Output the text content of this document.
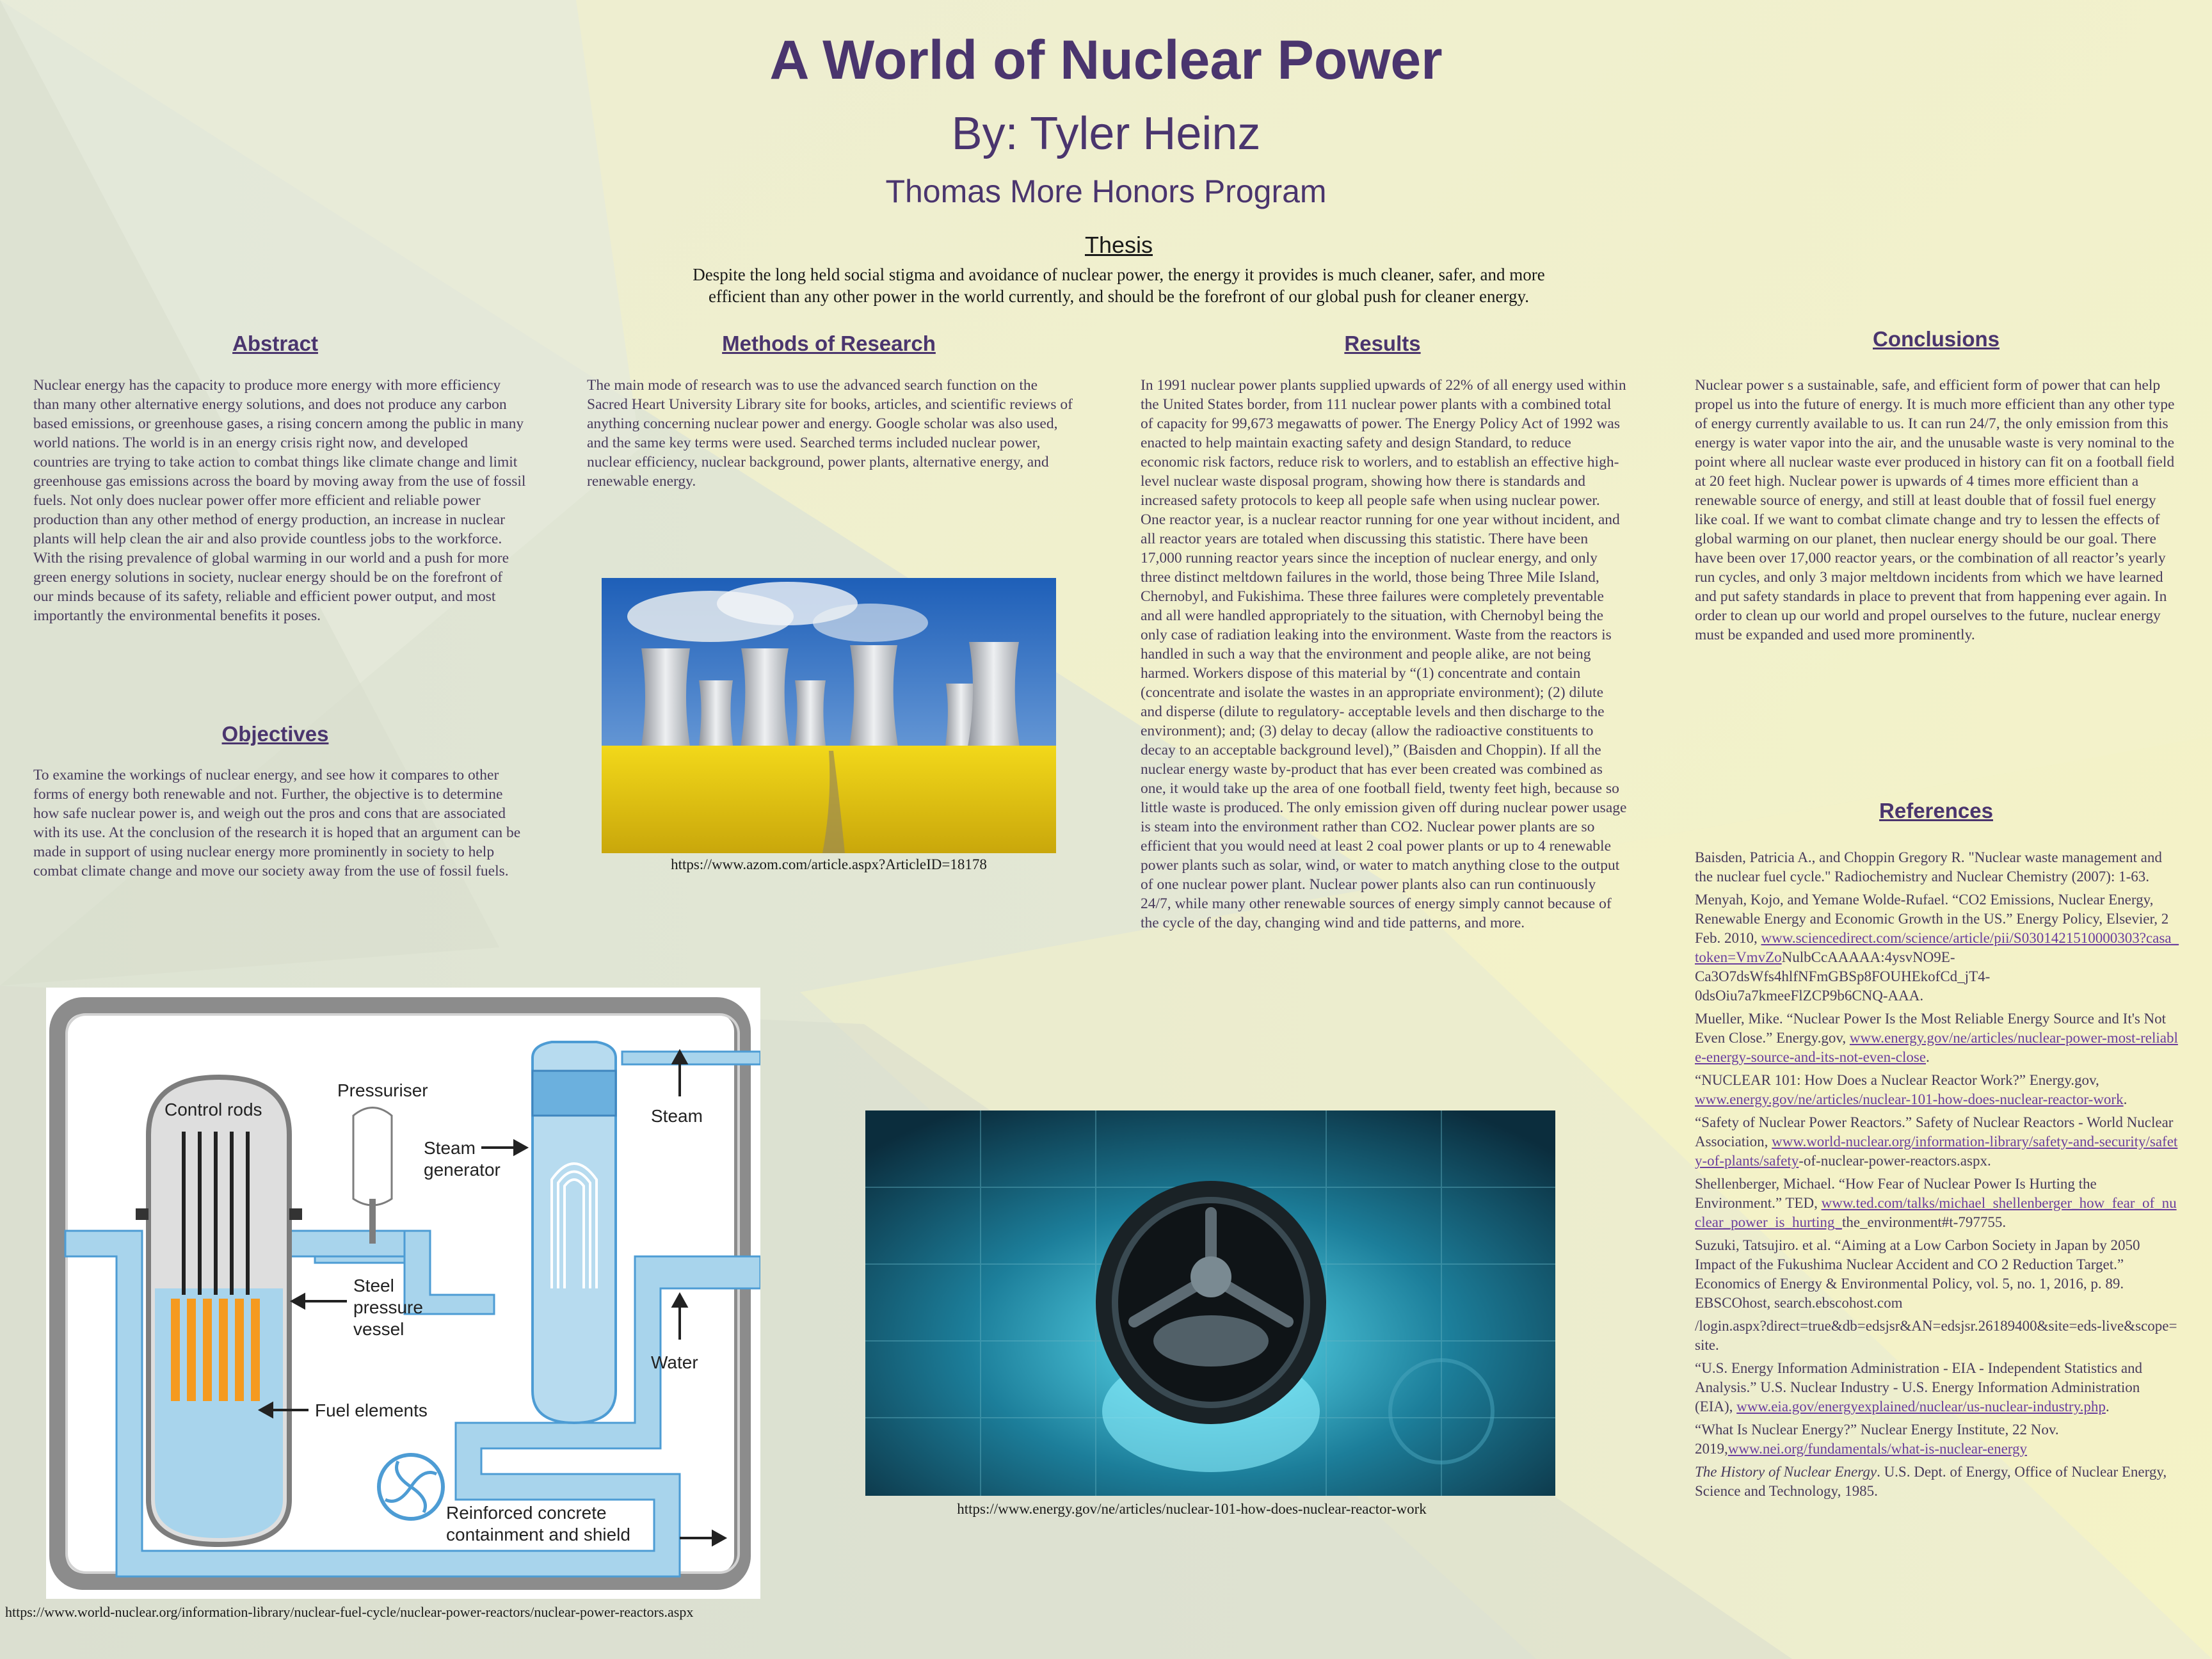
A World of Nuclear Power
By: Tyler Heinz
Thomas More Honors Program
Thesis
Despite the long held social stigma and avoidance of nuclear power, the energy it provides is much cleaner, safer, and more efficient than any other power in the world currently, and should be the forefront of our global push for cleaner energy.
Abstract
Nuclear energy has the capacity to produce more energy with more efficiency than many other alternative energy solutions, and does not produce any carbon based emissions, or greenhouse gases, a rising concern among the public in many world nations. The world is in an energy crisis right now, and developed countries are trying to take action to combat things like climate change and limit greenhouse gas emissions across the board by moving away from the use of fossil fuels. Not only does nuclear power offer more efficient and reliable power production than any other method of energy production, an increase in nuclear plants will help clean the air and also provide countless jobs to the workforce. With the rising prevalence of global warming in our world and a push for more green energy solutions in society, nuclear energy should be on the forefront of our minds because of its safety, reliable and efficient power output, and most importantly the environmental benefits it poses.
Objectives
To examine the workings of nuclear energy, and see how it compares to other forms of energy both renewable and not. Further, the objective is to determine how safe nuclear power is, and weigh out the pros and cons that are associated with its use. At the conclusion of the research it is hoped that an argument can be made in support of using nuclear energy more prominently in society to help combat climate change and move our society away from the use of fossil fuels.
Methods of Research
The main mode of research was to use the advanced search function on the Sacred Heart University Library site for books, articles, and scientific reviews of anything concerning nuclear power and energy. Google scholar was also used, and the same key terms were used. Searched terms included nuclear power, nuclear efficiency, nuclear background, power plants, alternative energy, and renewable energy.
https://www.azom.com/article.aspx?ArticleID=18178
Results
In 1991 nuclear power plants supplied upwards of 22% of all energy used within the United States border, from 111 nuclear power plants with a combined total of capacity for 99,673 megawatts of power. The Energy Policy Act of 1992 was enacted to help maintain exacting safety and design Standard, to reduce economic risk factors, reduce risk to worlers, and to establish an effective high-level nuclear waste disposal program, showing how there is standards and increased safety protocols to keep all people safe when using nuclear power. One reactor year, is a nuclear reactor running for one year without incident, and all reactor years are totaled when discussing this statistic. There have been 17,000 running reactor years since the inception of nuclear energy, and only three distinct meltdown failures in the world, those being Three Mile Island, Chernobyl, and Fukishima. These three failures were completely preventable and all were handled appropriately to the situation, with Chernobyl being the only case of radiation leaking into the environment. Waste from the reactors is handled in such a way that the environment and people alike, are not being harmed. Workers dispose of this material by “(1) concentrate and contain (concentrate and isolate the wastes in an appropriate environment); (2) dilute and disperse (dilute to regulatory- acceptable levels and then discharge to the environment); and; (3) delay to decay (allow the radioactive constituents to decay to an acceptable background level),” (Baisden and Choppin). If all the nuclear energy waste by-product that has ever been created was combined as one, it would take up the area of one football field, twenty feet high, because so little waste is produced. The only emission given off during nuclear power usage is steam into the environment rather than CO2. Nuclear power plants are so efficient that you would need at least 2 coal power plants or up to 4 renewable power plants such as solar, wind, or water to match anything close to the output of one nuclear power plant. Nuclear power plants also can run continuously 24/7, while many other renewable sources of energy simply cannot because of the cycle of the day, changing wind and tide patterns, and more.
Conclusions
Nuclear power s a sustainable, safe, and efficient form of power that can help propel us into the future of energy. It is much more efficient than any other type of energy currently available to us. It can run 24/7, the only emission from this energy is water vapor into the air, and the unusable waste is very nominal to the point where all nuclear waste ever produced in history can fit on a football field at 20 feet high. Nuclear power is upwards of 4 times more efficient than a renewable source of energy, and still at least double that of fossil fuel energy like coal. If we want to combat climate change and try to lessen the effects of global warming on our planet, then nuclear energy should be our goal. There have been over 17,000 reactor years, or the combination of all reactor’s yearly run cycles, and only 3 major meltdown incidents from which we have learned and put safety standards in place to prevent that from happening ever again. In order to clean up our world and propel ourselves to the future, nuclear energy must be expanded and used more prominently.
References

Baisden, Patricia A., and Choppin Gregory R. "Nuclear waste management and the nuclear fuel cycle." Radiochemistry and Nuclear Chemistry (2007): 1-63.

Menyah, Kojo, and Yemane Wolde-Rufael. “CO2 Emissions, Nuclear Energy, Renewable Energy and Economic Growth in the US.” Energy Policy, Elsevier, 2 Feb. 2010, www.sciencedirect.com/science/article/pii/S0301421510000303?casa_token=VmvZoNulbCcAAAAA:4ysvNO9E-Ca3O7dsWfs4hlfNFmGBSp8FOUHEkofCd_jT4-0dsOiu7a7kmeeFlZCP9b6CNQ-AAA.

Mueller, Mike. “Nuclear Power Is the Most Reliable Energy Source and It's Not Even Close.” Energy.gov, www.energy.gov/ne/articles/nuclear-power-most-reliable-energy-source-and-its-not-even-close.

“NUCLEAR 101: How Does a Nuclear Reactor Work?” Energy.gov, www.energy.gov/ne/articles/nuclear-101-how-does-nuclear-reactor-work.

“Safety of Nuclear Power Reactors.” Safety of Nuclear Reactors - World Nuclear Association, www.world-nuclear.org/information-library/safety-and-security/safety-of-plants/safety-of-nuclear-power-reactors.aspx.

Shellenberger, Michael. “How Fear of Nuclear Power Is Hurting the Environment.” TED, www.ted.com/talks/michael_shellenberger_how_fear_of_nuclear_power_is_hurting_the_environment#t-797755.

Suzuki, Tatsujiro. et al. “Aiming at a Low Carbon Society in Japan by 2050 Impact of the Fukushima Nuclear Accident and CO 2 Reduction Target.” Economics of Energy & Environmental Policy, vol. 5, no. 1, 2016, p. 89. EBSCOhost, search.ebscohost.com

/login.aspx?direct=true&db=edsjsr&AN=edsjsr.26189400&site=eds-live&scope=site.

“U.S. Energy Information Administration - EIA - Independent Statistics and Analysis.” U.S. Nuclear Industry - U.S. Energy Information Administration (EIA), www.eia.gov/energyexplained/nuclear/us-nuclear-industry.php.

“What Is Nuclear Energy?” Nuclear Energy Institute, 22 Nov. 2019,www.nei.org/fundamentals/what-is-nuclear-energy

The History of Nuclear Energy. U.S. Dept. of Energy, Office of Nuclear Energy, Science and Technology, 1985.

Control rods
Pressuriser
Steam
generator
Steam
Steel
pressure
vessel
Water
Fuel elements
Reinforced concrete
containment and shield
https://www.world-nuclear.org/information-library/nuclear-fuel-cycle/nuclear-power-reactors/nuclear-power-reactors.aspx
https://www.energy.gov/ne/articles/nuclear-101-how-does-nuclear-reactor-work
